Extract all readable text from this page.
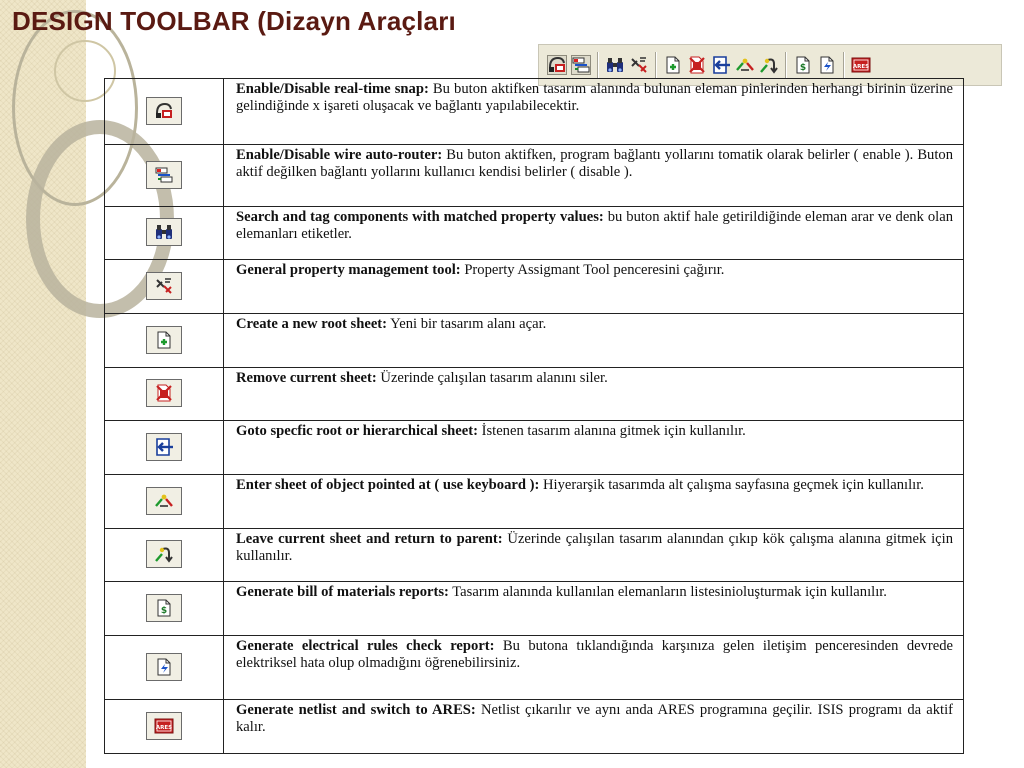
DESIGN TOOLBAR (Dizayn Araçları
$	ARES
	Enable/Disable real-time snap: Bu buton aktifken tasarım alanında bulunan eleman pinlerinden herhangi birinin üzerine gelindiğinde x işareti oluşacak ve bağlantı yapılabilecektir.

	Enable/Disable wire auto-router: Bu buton aktifken, program bağlantı yollarını tomatik olarak belirler ( enable ). Buton aktif değilken bağlantı yollarını kullanıcı kendisi belirler ( disable ).

	Search and tag components with matched property values: bu buton aktif hale getirildiğinde eleman arar ve denk olan elemanları etiketler.

	General property management tool: Property Assigmant Tool penceresini çağırır.

	Create a new root sheet: Yeni bir tasarım alanı açar.

	Remove current sheet: Üzerinde çalışılan tasarım alanını siler.

	Goto specfic root or hierarchical sheet: İstenen tasarım alanına gitmek için kullanılır.

	Enter sheet of object pointed at ( use keyboard ): Hiyerarşik tasarımda alt çalışma sayfasına geçmek için kullanılır.

	Leave current sheet and return to parent: Üzerinde çalışılan tasarım alanından çıkıp kök çalışma alanına gitmek için kullanılır.

$	Generate bill of materials reports: Tasarım alanında kullanılan elemanların listesinioluşturmak için kullanılır.

	Generate electrical rules check report: Bu butona tıklandığında karşınıza gelen iletişim penceresinden devrede elektriksel hata olup olmadığını öğrenebilirsiniz.

ARES	Generate netlist and switch to ARES: Netlist çıkarılır ve aynı anda ARES programına geçilir. ISIS programı da aktif kalır.
